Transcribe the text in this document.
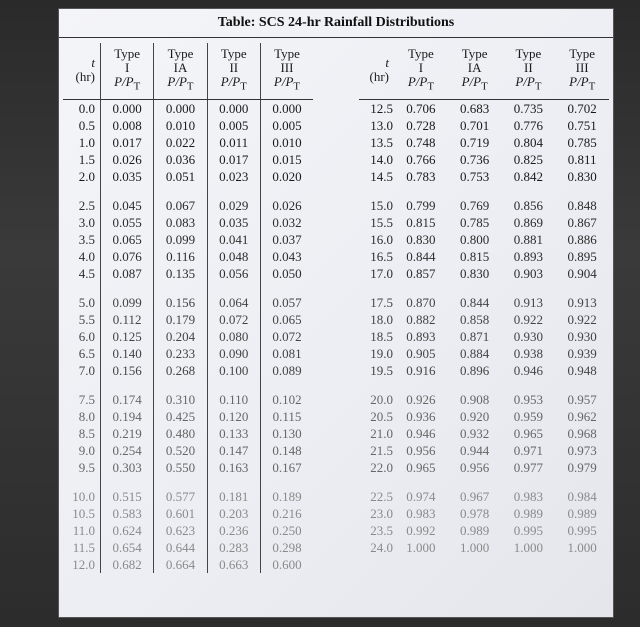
Table: SCS 24-hr Rainfall Distributions
t
(hr)	Type
I
$P/P_T$	Type
IA
$P/P_T$	Type
II
$P/P_T$	Type
III
$P/P_T$
0.0	0.000	0.000	0.000	0.000
0.5	0.008	0.010	0.005	0.005
1.0	0.017	0.022	0.011	0.010
1.5	0.026	0.036	0.017	0.015
2.0	0.035	0.051	0.023	0.020

2.5	0.045	0.067	0.029	0.026
3.0	0.055	0.083	0.035	0.032
3.5	0.065	0.099	0.041	0.037
4.0	0.076	0.116	0.048	0.043
4.5	0.087	0.135	0.056	0.050

5.0	0.099	0.156	0.064	0.057
5.5	0.112	0.179	0.072	0.065
6.0	0.125	0.204	0.080	0.072
6.5	0.140	0.233	0.090	0.081
7.0	0.156	0.268	0.100	0.089

7.5	0.174	0.310	0.110	0.102
8.0	0.194	0.425	0.120	0.115
8.5	0.219	0.480	0.133	0.130
9.0	0.254	0.520	0.147	0.148
9.5	0.303	0.550	0.163	0.167

10.0	0.515	0.577	0.181	0.189
10.5	0.583	0.601	0.203	0.216
11.0	0.624	0.623	0.236	0.250
11.5	0.654	0.644	0.283	0.298
12.0	0.682	0.664	0.663	0.600
t
(hr)	Type
I
$P/P_T$	Type
IA
$P/P_T$	Type
II
$P/P_T$	Type
III
$P/P_T$
12.5	0.706	0.683	0.735	0.702
13.0	0.728	0.701	0.776	0.751
13.5	0.748	0.719	0.804	0.785
14.0	0.766	0.736	0.825	0.811
14.5	0.783	0.753	0.842	0.830

15.0	0.799	0.769	0.856	0.848
15.5	0.815	0.785	0.869	0.867
16.0	0.830	0.800	0.881	0.886
16.5	0.844	0.815	0.893	0.895
17.0	0.857	0.830	0.903	0.904

17.5	0.870	0.844	0.913	0.913
18.0	0.882	0.858	0.922	0.922
18.5	0.893	0.871	0.930	0.930
19.0	0.905	0.884	0.938	0.939
19.5	0.916	0.896	0.946	0.948

20.0	0.926	0.908	0.953	0.957
20.5	0.936	0.920	0.959	0.962
21.0	0.946	0.932	0.965	0.968
21.5	0.956	0.944	0.971	0.973
22.0	0.965	0.956	0.977	0.979

22.5	0.974	0.967	0.983	0.984
23.0	0.983	0.978	0.989	0.989
23.5	0.992	0.989	0.995	0.995
24.0	1.000	1.000	1.000	1.000
